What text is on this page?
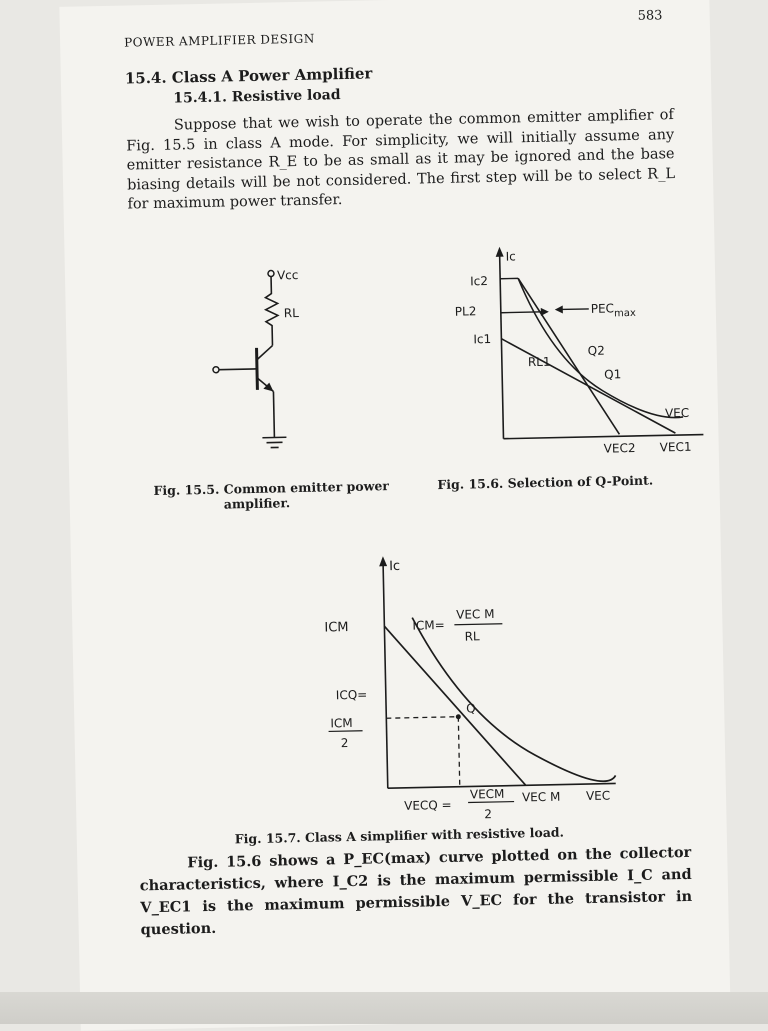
POWER AMPLIFIER DESIGN
583
15.4. Class A Power Amplifier
15.4.1. Resistive load
Suppose that we wish to operate the common emitter amplifier of Fig. 15.5 in class A mode. For simplicity, we will initially assume any emitter resistance R_E to be as small as it may be ignored and the base biasing details will be not considered. The first step will be to select R_L for maximum power transfer.
Vcc
RL
Fig. 15.5. Common emitter power
amplifier.
Ic
Ic2
PL2
Ic1
$PEC_{max}$
RL1
Q2
Q1
VEC
VEC2 VEC1
Fig. 15.6. Selection of Q-Point.
Ic
ICM	ICM=
VEC M
RL
ICQ=
ICM
2
Q
VECQ =
VECM
2
VEC M VEC
Fig. 15.7. Class A simplifier with resistive load.
Fig. 15.6 shows a P_EC(max) curve plotted on the collector characteristics, where I_C2 is the maximum permissible I_C and V_EC1 is the maximum permissible V_EC for the transistor in question.
